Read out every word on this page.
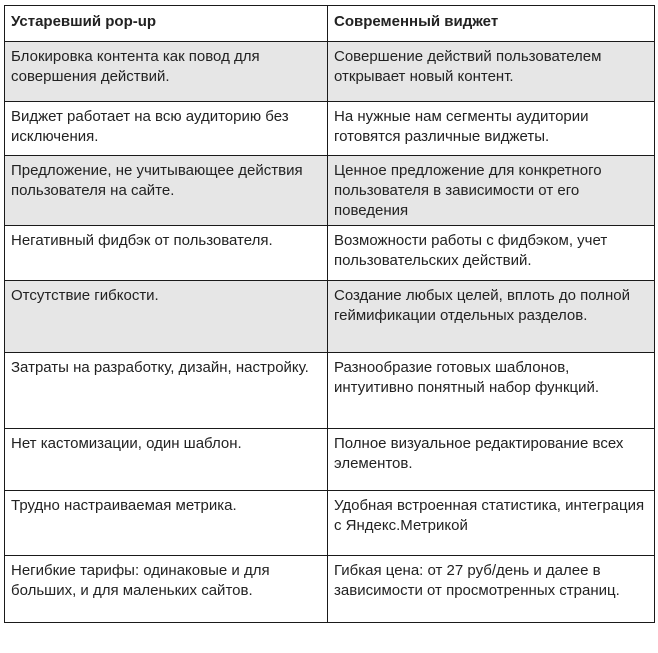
Устаревший pop-up	Современный виджет
Блокировка контента как повод для совершения действий.	Совершение действий пользователем открывает новый контент.
Виджет работает на всю аудиторию без исключения.	На нужные нам сегменты аудитории готовятся различные виджеты.
Предложение, не учитывающее действия пользователя на сайте.	Ценное предложение для конкретного пользователя в зависимости от его поведения
Негативный фидбэк от пользователя.	Возможности работы с фидбэком, учет пользовательских действий.
Отсутствие гибкости.	Создание любых целей, вплоть до полной геймификации отдельных разделов.
Затраты на разработку, дизайн, настройку.	Разнообразие готовых шаблонов, интуитивно понятный набор функций.
Нет кастомизации, один шаблон.	Полное визуальное редактирование всех элементов.
Трудно настраиваемая метрика.	Удобная встроенная статистика, интеграция с Яндекс.Метрикой
Негибкие тарифы: одинаковые и для больших, и для маленьких сайтов.	Гибкая цена: от 27 руб/день и далее в зависимости от просмотренных страниц.
